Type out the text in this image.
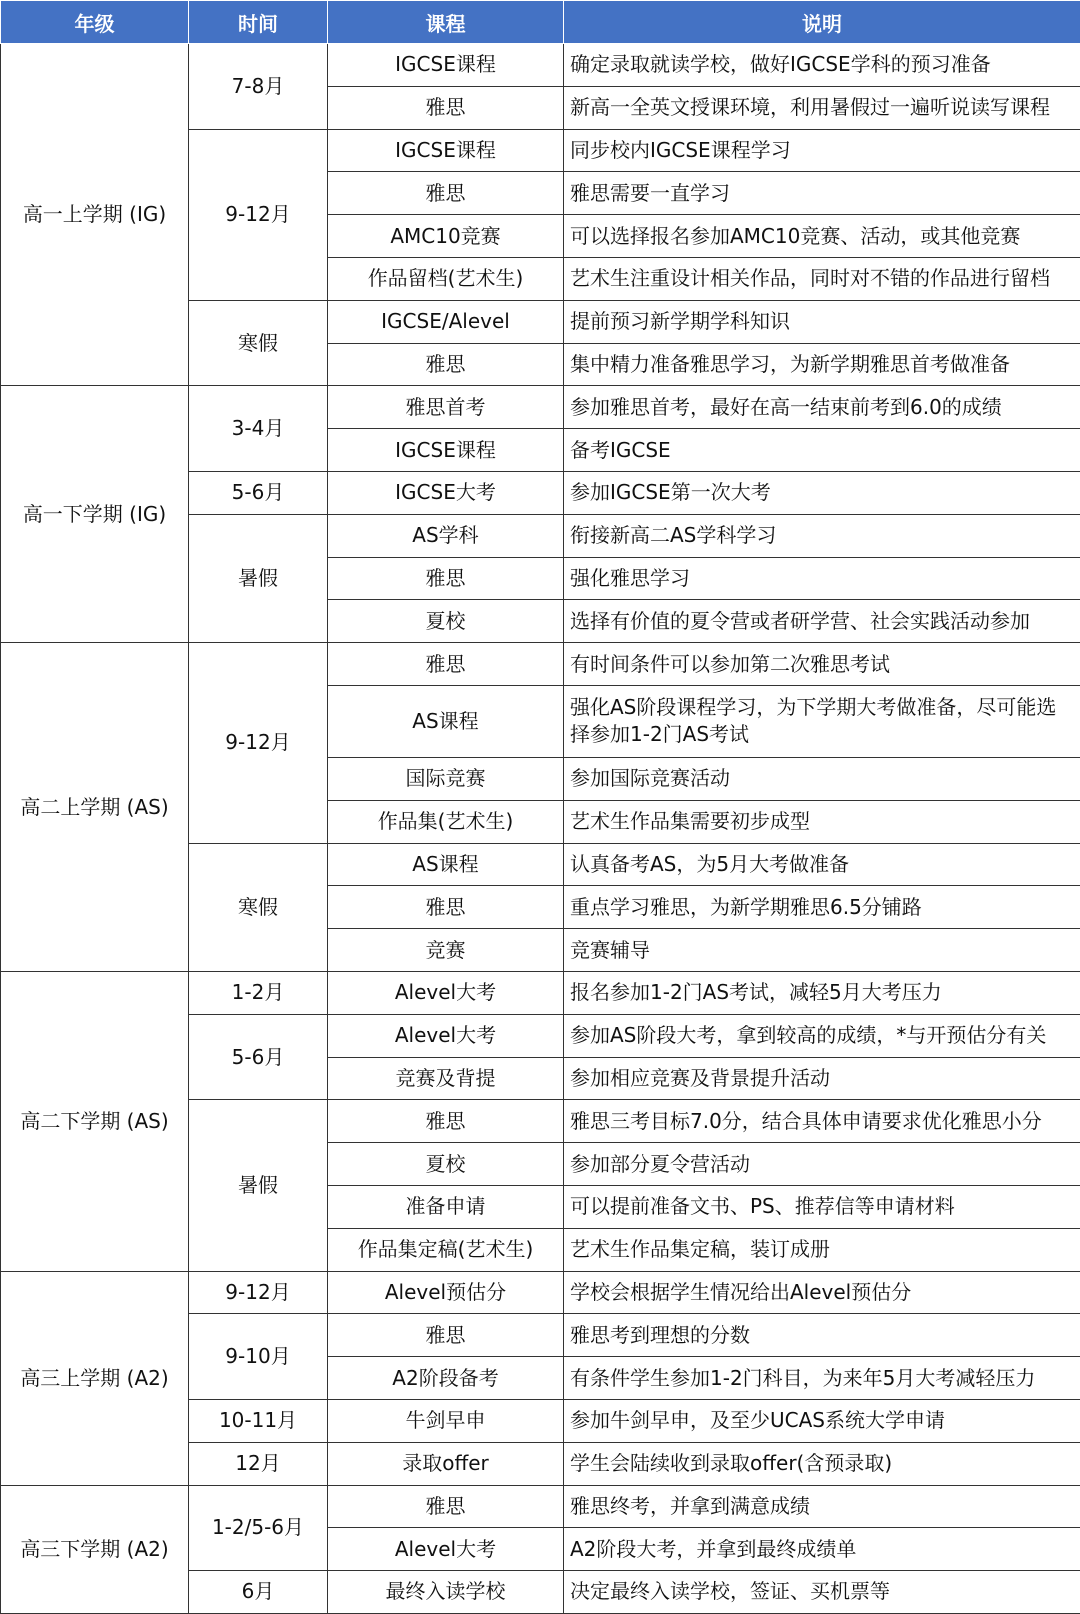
年级	时间	课程	说明
高一上学期 (IG)	7-8月	IGCSE课程	确定录取就读学校，做好IGCSE学科的预习准备
		雅思	新高一全英文授课环境，利用暑假过一遍听说读写课程
	9-12月	IGCSE课程	同步校内IGCSE课程学习
		雅思	雅思需要一直学习
		AMC10竞赛	可以选择报名参加AMC10竞赛、活动，或其他竞赛
		作品留档(艺术生)	艺术生注重设计相关作品，同时对不错的作品进行留档
	寒假	IGCSE/Alevel	提前预习新学期学科知识
		雅思	集中精力准备雅思学习，为新学期雅思首考做准备
高一下学期 (IG)	3-4月	雅思首考	参加雅思首考，最好在高一结束前考到6.0的成绩
		IGCSE课程	备考IGCSE
	5-6月	IGCSE大考	参加IGCSE第一次大考
	暑假	AS学科	衔接新高二AS学科学习
		雅思	强化雅思学习
		夏校	选择有价值的夏令营或者研学营、社会实践活动参加
高二上学期 (AS)	9-12月	雅思	有时间条件可以参加第二次雅思考试
		AS课程	强化AS阶段课程学习，为下学期大考做准备，尽可能选择参加1-2门AS考试
		国际竞赛	参加国际竞赛活动
		作品集(艺术生)	艺术生作品集需要初步成型
	寒假	AS课程	认真备考AS，为5月大考做准备
		雅思	重点学习雅思，为新学期雅思6.5分铺路
		竞赛	竞赛辅导
高二下学期 (AS)	1-2月	Alevel大考	报名参加1-2门AS考试，减轻5月大考压力
	5-6月	Alevel大考	参加AS阶段大考，拿到较高的成绩，*与开预估分有关
		竞赛及背提	参加相应竞赛及背景提升活动
	暑假	雅思	雅思三考目标7.0分，结合具体申请要求优化雅思小分
		夏校	参加部分夏令营活动
		准备申请	可以提前准备文书、PS、推荐信等申请材料
		作品集定稿(艺术生)	艺术生作品集定稿，装订成册
高三上学期 (A2)	9-12月	Alevel预估分	学校会根据学生情况给出Alevel预估分
	9-10月	雅思	雅思考到理想的分数
		A2阶段备考	有条件学生参加1-2门科目，为来年5月大考减轻压力
	10-11月	牛剑早申	参加牛剑早申，及至少UCAS系统大学申请
	12月	录取offer	学生会陆续收到录取offer(含预录取)
高三下学期 (A2)	1-2/5-6月	雅思	雅思终考，并拿到满意成绩
		Alevel大考	A2阶段大考，并拿到最终成绩单
	6月	最终入读学校	决定最终入读学校，签证、买机票等
